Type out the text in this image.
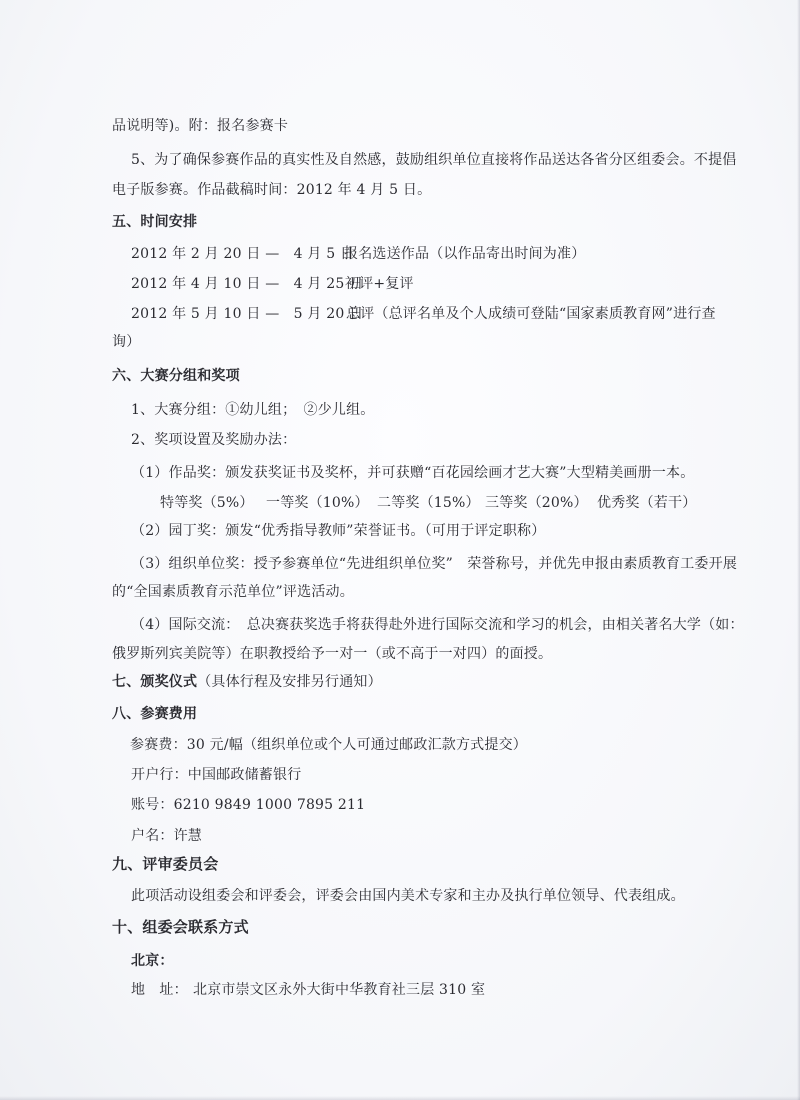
品说明等)。附：报名参赛卡
5、为了确保参赛作品的真实性及自然感，鼓励组织单位直接将作品送达各省分区组委会。不提倡
电子版参赛。作品截稿时间：2012 年 4 月 5 日。
五、时间安排
2012 年 2 月 20 日 —　4 月 5 日
报名选送作品（以作品寄出时间为准）
2012 年 4 月 10 日 —　4 月 25 日
初评+复评
2012 年 5 月 10 日 —　5 月 20 日
总评（总评名单及个人成绩可登陆“国家素质教育网”进行查
询）
六、大赛分组和奖项
1、大赛分组：①幼儿组；　②少儿组。
2、奖项设置及奖励办法：
（1）作品奖：颁发获奖证书及奖杯，并可获赠“百花园绘画才艺大赛”大型精美画册一本。
特等奖（5%） 一等奖（10%） 二等奖（15%） 三等奖（20%） 优秀奖（若干）
（2）园丁奖：颁发“优秀指导教师”荣誉证书。（可用于评定职称）
（3）组织单位奖：授予参赛单位“先进组织单位奖”　荣誉称号，并优先申报由素质教育工委开展
的“全国素质教育示范单位”评选活动。
（4）国际交流：　总决赛获奖选手将获得赴外进行国际交流和学习的机会，由相关著名大学（如：
俄罗斯列宾美院等）在职教授给予一对一（或不高于一对四）的面授。
七、颁奖仪式（具体行程及安排另行通知）
八、参赛费用
参赛费：30 元/幅（组织单位或个人可通过邮政汇款方式提交）
开户行：中国邮政储蓄银行
账号：6210 9849 1000 7895 211
户名：许慧
九、评审委员会
此项活动设组委会和评委会，评委会由国内美术专家和主办及执行单位领导、代表组成。
十、组委会联系方式
北京：
地　址： 北京市崇文区永外大街中华教育社三层 310 室
